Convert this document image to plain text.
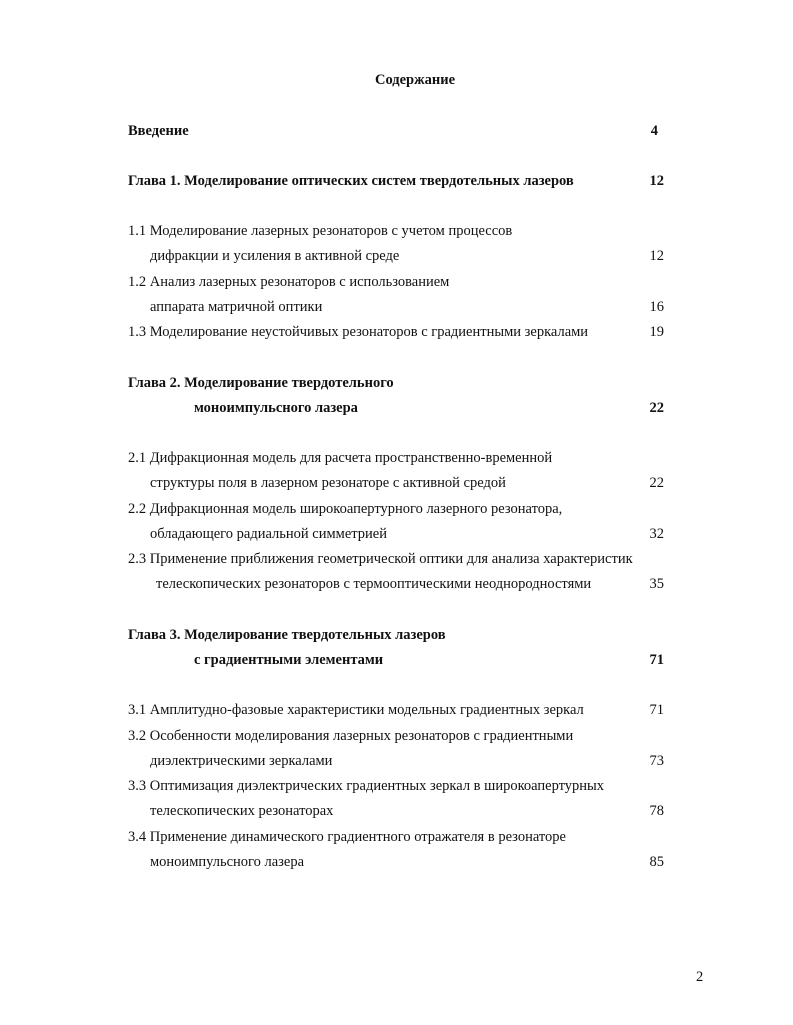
Содержание
Введение	4
Глава 1. Моделирование оптических систем твердотельных лазеров	12
1.1 Моделирование лазерных резонаторов с учетом процессов
дифракции и усиления в активной среде	12
1.2 Анализ лазерных резонаторов с использованием
аппарата матричной оптики	16
1.3 Моделирование неустойчивых резонаторов с градиентными зеркалами	19
Глава 2. Моделирование твердотельного
моноимпульсного лазера	22
2.1 Дифракционная модель для расчета пространственно-временной
структуры поля в лазерном резонаторе с активной средой	22
2.2 Дифракционная модель широкоапертурного лазерного резонатора,
обладающего радиальной симметрией	32
2.3 Применение приближения геометрической оптики для анализа характеристик
телескопических резонаторов с термооптическими неоднородностями	35
Глава 3. Моделирование твердотельных лазеров
с градиентными элементами	71
3.1 Амплитудно-фазовые характеристики модельных градиентных зеркал	71
3.2 Особенности моделирования лазерных резонаторов с градиентными
диэлектрическими зеркалами	73
3.3 Оптимизация диэлектрических градиентных зеркал в широкоапертурных
телескопических резонаторах	78
3.4 Применение динамического градиентного отражателя в резонаторе
моноимпульсного лазера	85
2
